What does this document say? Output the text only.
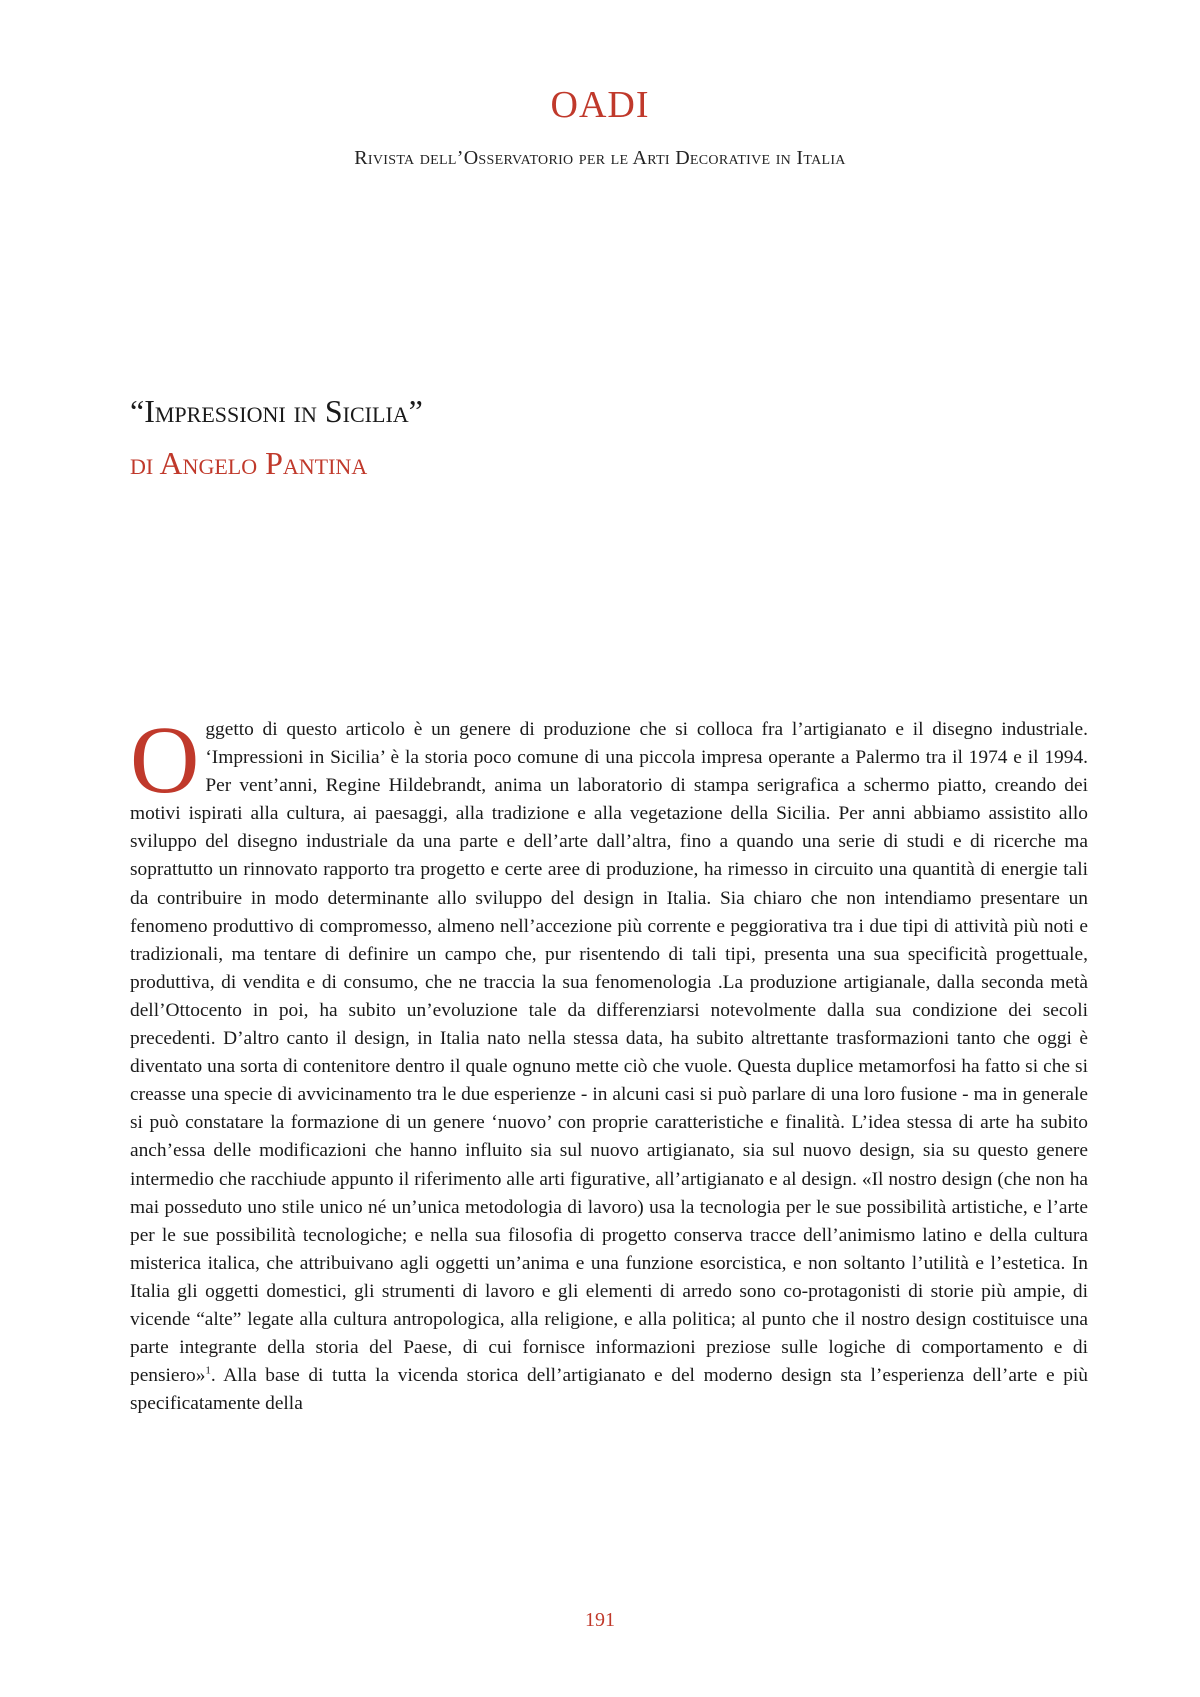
OADI
Rivista dell’Osservatorio per le Arti Decorative in Italia
“Impressioni in Sicilia”
di Angelo Pantina
Oggetto di questo articolo è un genere di produzione che si colloca fra l’artigianato e il disegno industriale. ‘Impressioni in Sicilia’ è la storia poco comune di una piccola impresa operante a Palermo tra il 1974 e il 1994. Per vent’anni, Regine Hildebrandt, anima un laboratorio di stampa serigrafica a schermo piatto, creando dei motivi ispirati alla cultura, ai paesaggi, alla tradizione e alla vegetazione della Sicilia. Per anni abbiamo assistito allo sviluppo del disegno industriale da una parte e dell’arte dall’altra, fino a quando una serie di studi e di ricerche ma soprattutto un rinnovato rapporto tra progetto e certe aree di produzione, ha rimesso in circuito una quantità di energie tali da contribuire in modo determinante allo sviluppo del design in Italia. Sia chiaro che non intendiamo presentare un fenomeno produttivo di compromesso, almeno nell’accezione più corrente e peggiorativa tra i due tipi di attività più noti e tradizionali, ma tentare di definire un campo che, pur risentendo di tali tipi, presenta una sua specificità progettuale, produttiva, di vendita e di consumo, che ne traccia la sua fenomenologia .La produzione artigianale, dalla seconda metà dell’Ottocento in poi, ha subito un’evoluzione tale da differenziarsi notevolmente dalla sua condizione dei secoli precedenti. D’altro canto il design, in Italia nato nella stessa data, ha subito altrettante trasformazioni tanto che oggi è diventato una sorta di contenitore dentro il quale ognuno mette ciò che vuole. Questa duplice metamorfosi ha fatto si che si creasse una specie di avvicinamento tra le due esperienze - in alcuni casi si può parlare di una loro fusione - ma in generale si può constatare la formazione di un genere ‘nuovo’ con proprie caratteristiche e finalità. L’idea stessa di arte ha subito anch’essa delle modificazioni che hanno influito sia sul nuovo artigianato, sia sul nuovo design, sia su questo genere intermedio che racchiude appunto il riferimento alle arti figurative, all’artigianato e al design. «Il nostro design (che non ha mai posseduto uno stile unico né un’unica metodologia di lavoro) usa la tecnologia per le sue possibilità artistiche, e l’arte per le sue possibilità tecnologiche; e nella sua filosofia di progetto conserva tracce dell’animismo latino e della cultura misterica italica, che attribuivano agli oggetti un’anima e una funzione esorcistica, e non soltanto l’utilità e l’estetica. In Italia gli oggetti domestici, gli strumenti di lavoro e gli elementi di arredo sono co-protagonisti di storie più ampie, di vicende “alte” legate alla cultura antropologica, alla religione, e alla politica; al punto che il nostro design costituisce una parte integrante della storia del Paese, di cui fornisce informazioni preziose sulle logiche di comportamento e di pensiero»$^1$. Alla base di tutta la vicenda storica dell’artigianato e del moderno design sta l’esperienza dell’arte e più specificatamente della
191
